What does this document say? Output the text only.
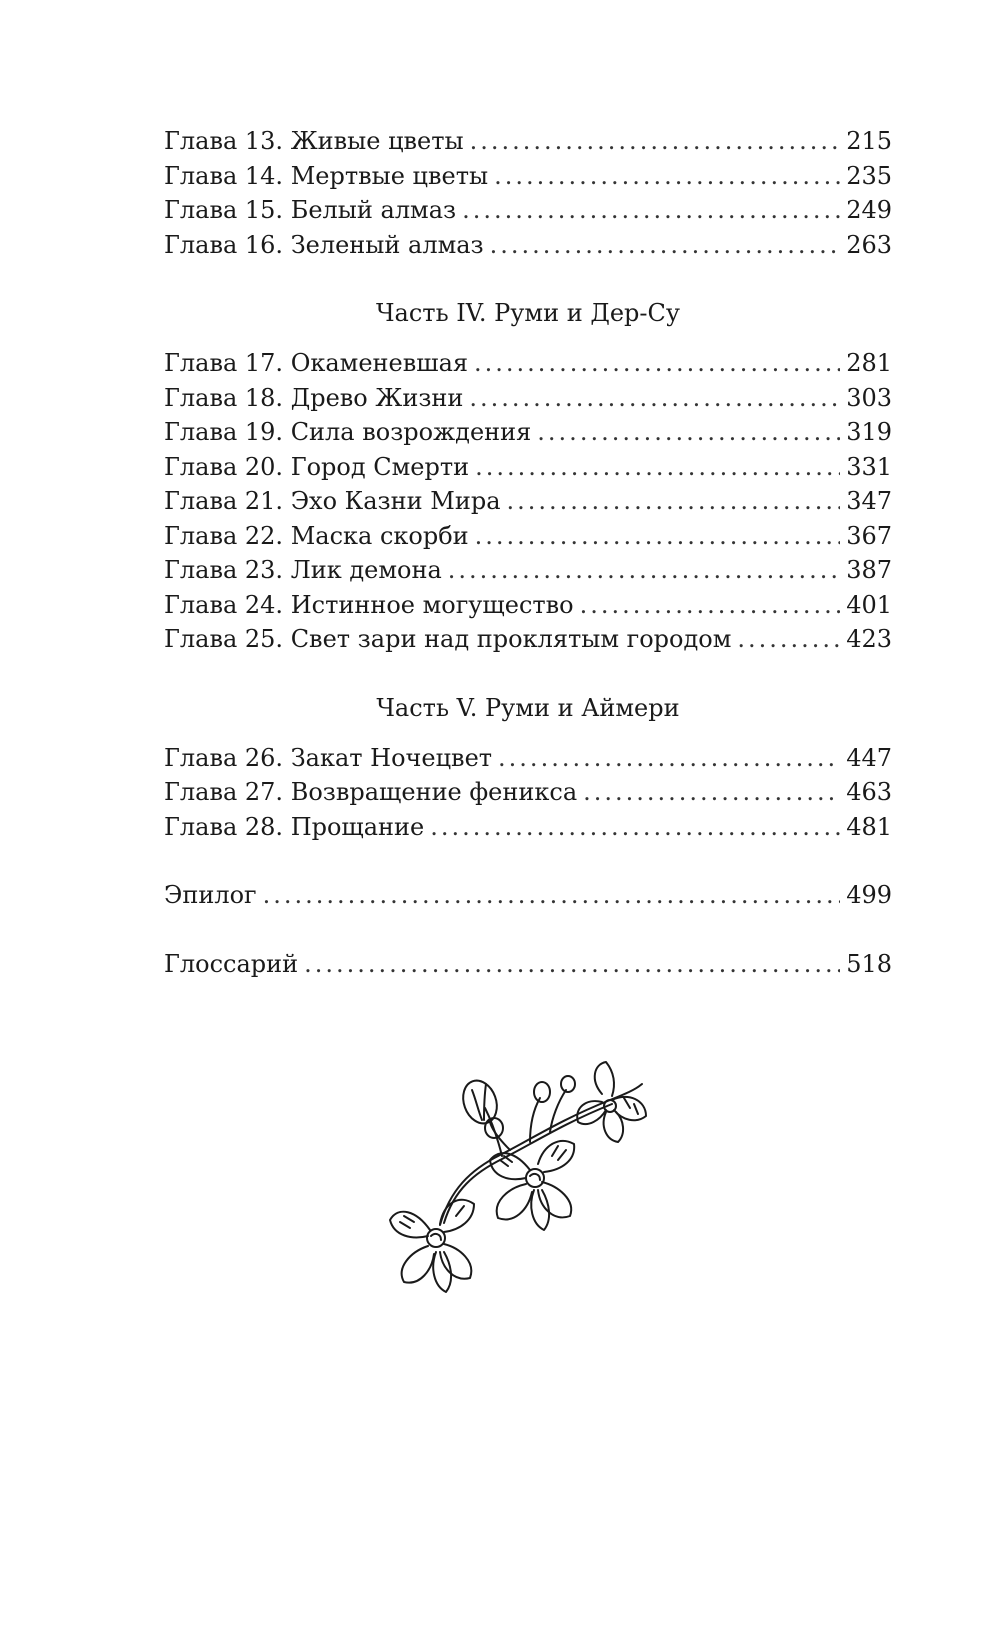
Глава 13. Живые цветы .....	215
Глава 14. Мертвые цветы .....	235
Глава 15. Белый алмаз .....	249
Глава 16. Зеленый алмаз .....	263
Часть IV. Руми и Дер-Су
Глава 17. Окаменевшая .....	281
Глава 18. Древо Жизни .....	303
Глава 19. Сила возрождения .....	319
Глава 20. Город Смерти .....	331
Глава 21. Эхо Казни Мира .....	347
Глава 22. Маска скорби .....	367
Глава 23. Лик демона .....	387
Глава 24. Истинное могущество .....	401
Глава 25. Свет зари над проклятым городом .....	423
Часть V. Руми и Аймери
Глава 26. Закат Ночецвет .....	447
Глава 27. Возвращение феникса .....	463
Глава 28. Прощание .....	481
Эпилог .....	499
Глоссарий .....	518
